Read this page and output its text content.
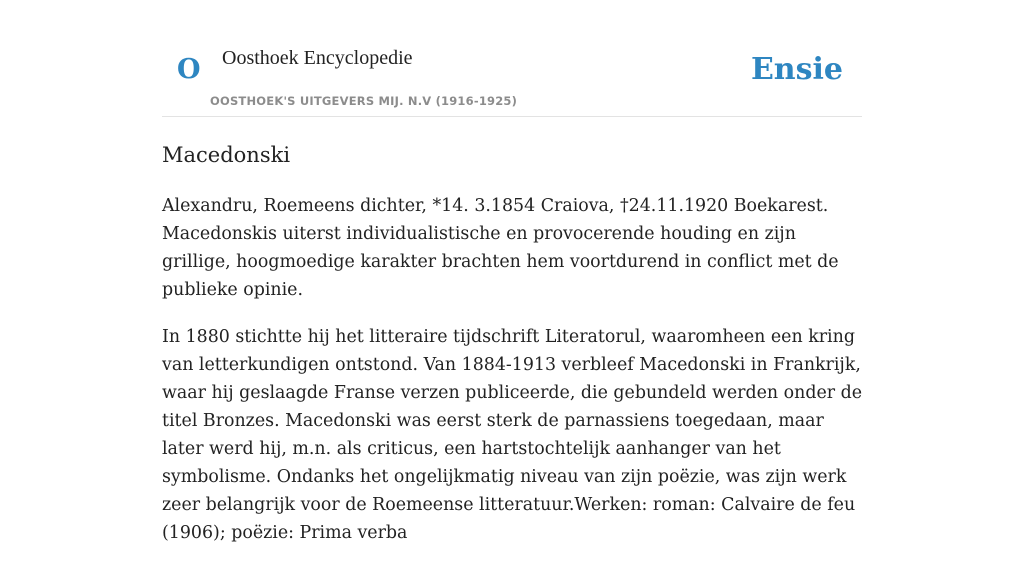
O Oosthoek Encyclopedie
OOSTHOEK'S UITGEVERS MIJ. N.V (1916-1925)
Ensie
Macedonski

Alexandru, Roemeens dichter, *14. 3.1854 Craiova, †24.11.1920 Boekarest. Macedonskis uiterst individualistische en provocerende houding en zijn grillige, hoogmoedige karakter brachten hem voortdurend in conflict met de publieke opinie.

In 1880 stichtte hij het litteraire tijdschrift Literatorul, waaromheen een kring van letterkundigen ontstond. Van 1884-1913 verbleef Macedonski in Frankrijk, waar hij geslaagde Franse verzen publiceerde, die gebundeld werden onder de titel Bronzes. Macedonski was eerst sterk de parnassiens toegedaan, maar later werd hij, m.n. als criticus, een hartstochtelijk aanhanger van het symbolisme. Ondanks het ongelijkmatig niveau van zijn poëzie, was zijn werk zeer belangrijk voor de Roemeense litteratuur.Werken: roman: Calvaire de feu (1906); poëzie: Prima verba
